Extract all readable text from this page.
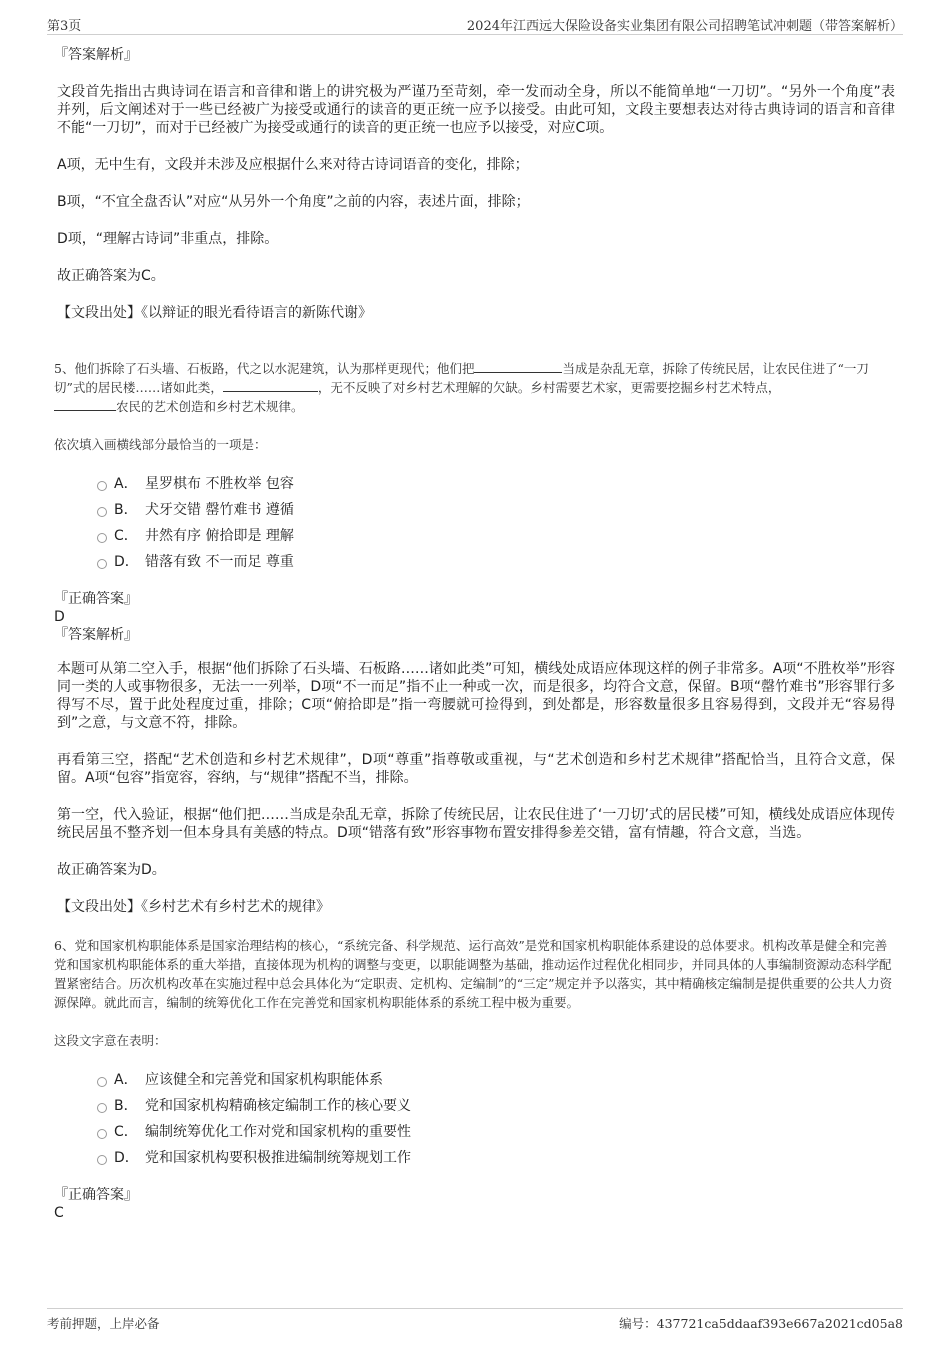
第3页	2024年江西远大保险设备实业集团有限公司招聘笔试冲刺题（带答案解析）
『答案解析』
文段首先指出古典诗词在语言和音律和谐上的讲究极为严谨乃至苛刻，牵一发而动全身，所以不能简单地“一刀切”。“另外一个角度”表并列，后文阐述对于一些已经被广为接受或通行的读音的更正统一应予以接受。由此可知，文段主要想表达对待古典诗词的语言和音律不能“一刀切”，而对于已经被广为接受或通行的读音的更正统一也应予以接受，对应C项。
A项，无中生有，文段并未涉及应根据什么来对待古诗词语音的变化，排除；
B项，“不宜全盘否认”对应“从另外一个角度”之前的内容，表述片面，排除；
D项，“理解古诗词”非重点，排除。
故正确答案为C。
【文段出处】《以辩证的眼光看待语言的新陈代谢》
5、他们拆除了石头墙、石板路，代之以水泥建筑，认为那样更现代；他们把	当成是杂乱无章，拆除了传统民居，让农民住进了“一刀切”式的居民楼……诸如此类，	，无不反映了对乡村艺术理解的欠缺。乡村需要艺术家，更需要挖掘乡村艺术特点，
农民的艺术创造和乡村艺术规律。
依次填入画横线部分最恰当的一项是：
A． 星罗棋布 不胜枚举 包容
B． 犬牙交错 罄竹难书 遵循
C． 井然有序 俯拾即是 理解
D． 错落有致 不一而足 尊重
『正确答案』
D
『答案解析』
本题可从第二空入手，根据“他们拆除了石头墙、石板路……诸如此类”可知，横线处成语应体现这样的例子非常多。A项“不胜枚举”形容同一类的人或事物很多，无法一一列举，D项“不一而足”指不止一种或一次，而是很多，均符合文意，保留。B项“罄竹难书”形容罪行多得写不尽，置于此处程度过重，排除；C项“俯拾即是”指一弯腰就可捡得到，到处都是，形容数量很多且容易得到，文段并无“容易得到”之意，与文意不符，排除。
再看第三空，搭配“艺术创造和乡村艺术规律”，D项“尊重”指尊敬或重视，与“艺术创造和乡村艺术规律”搭配恰当，且符合文意，保留。A项“包容”指宽容，容纳，与“规律”搭配不当，排除。
第一空，代入验证，根据“他们把……当成是杂乱无章，拆除了传统民居，让农民住进了‘一刀切’式的居民楼”可知，横线处成语应体现传统民居虽不整齐划一但本身具有美感的特点。D项“错落有致”形容事物布置安排得参差交错，富有情趣，符合文意，当选。
故正确答案为D。
【文段出处】《乡村艺术有乡村艺术的规律》
6、党和国家机构职能体系是国家治理结构的核心，“系统完备、科学规范、运行高效”是党和国家机构职能体系建设的总体要求。机构改革是健全和完善党和国家机构职能体系的重大举措，直接体现为机构的调整与变更，以职能调整为基础，推动运作过程优化相同步，并同具体的人事编制资源动态科学配置紧密结合。历次机构改革在实施过程中总会具体化为“定职责、定机构、定编制”的“三定”规定并予以落实，其中精确核定编制是提供重要的公共人力资源保障。就此而言，编制的统筹优化工作在完善党和国家机构职能体系的系统工程中极为重要。
这段文字意在表明：
A． 应该健全和完善党和国家机构职能体系
B． 党和国家机构精确核定编制工作的核心要义
C． 编制统筹优化工作对党和国家机构的重要性
D． 党和国家机构要积极推进编制统筹规划工作
『正确答案』
C
考前押题，上岸必备	编号：437721ca5ddaaf393e667a2021cd05a8
